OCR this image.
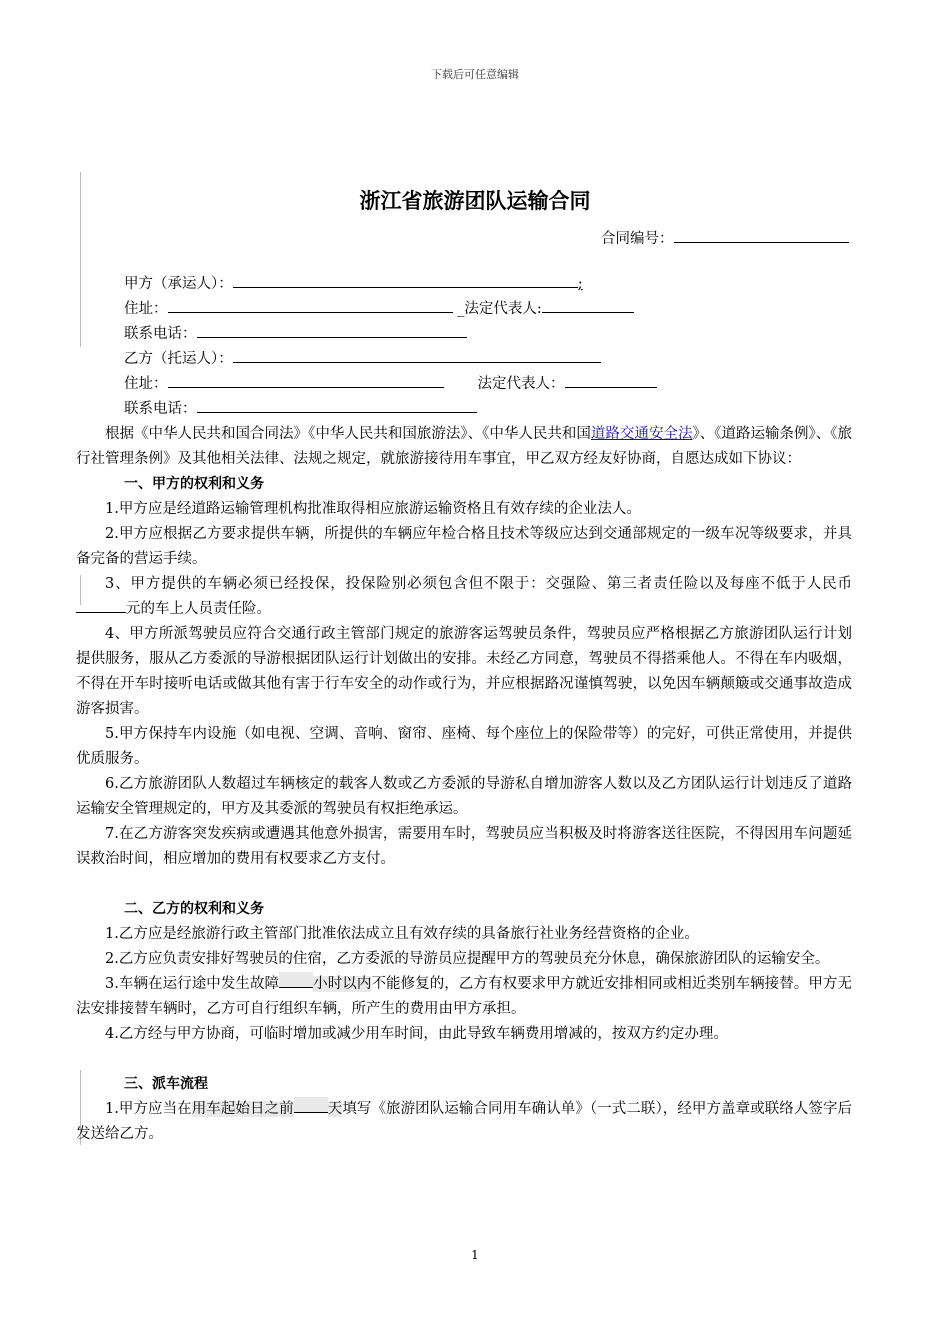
下载后可任意编辑
浙江省旅游团队运输合同
合同编号：

甲方（承运人）：	;

住址：	_法定代表人:

联系电话：

乙方（托运人）：

住址：	法定代表人：

联系电话：

根据《中华人民共和国合同法》《中华人民共和国旅游法》、《中华人民共和国道路交通安全法》、《道路运输条例》、《旅行社管理条例》及其他相关法律、法规之规定，就旅游接待用车事宜，甲乙双方经友好协商，自愿达成如下协议：

一、甲方的权利和义务

1.甲方应是经道路运输管理机构批准取得相应旅游运输资格且有效存续的企业法人。

2.甲方应根据乙方要求提供车辆，所提供的车辆应年检合格且技术等级应达到交通部规定的一级车况等级要求，并具备完备的营运手续。

3、甲方提供的车辆必须已经投保，投保险别必须包含但不限于：交强险、第三者责任险以及每座不低于人民币 元的车上人员责任险。

4、甲方所派驾驶员应符合交通行政主管部门规定的旅游客运驾驶员条件，驾驶员应严格根据乙方旅游团队运行计划提供服务，服从乙方委派的导游根据团队运行计划做出的安排。未经乙方同意，驾驶员不得搭乘他人。不得在车内吸烟，不得在开车时接听电话或做其他有害于行车安全的动作或行为，并应根据路况谨慎驾驶，以免因车辆颠簸或交通事故造成游客损害。

5.甲方保持车内设施（如电视、空调、音响、窗帘、座椅、每个座位上的保险带等）的完好，可供正常使用，并提供优质服务。

6.乙方旅游团队人数超过车辆核定的载客人数或乙方委派的导游私自增加游客人数以及乙方团队运行计划违反了道路运输安全管理规定的，甲方及其委派的驾驶员有权拒绝承运。

7.在乙方游客突发疾病或遭遇其他意外损害，需要用车时，驾驶员应当积极及时将游客送往医院，不得因用车问题延误救治时间，相应增加的费用有权要求乙方支付。

二、乙方的权利和义务

1.乙方应是经旅游行政主管部门批准依法成立且有效存续的具备旅行社业务经营资格的企业。

2.乙方应负责安排好驾驶员的住宿，乙方委派的导游员应提醒甲方的驾驶员充分休息，确保旅游团队的运输安全。

3.车辆在运行途中发生故障 小时以内不能修复的，乙方有权要求甲方就近安排相同或相近类别车辆接替。甲方无法安排接替车辆时，乙方可自行组织车辆，所产生的费用由甲方承担。

4.乙方经与甲方协商，可临时增加或减少用车时间，由此导致车辆费用增减的，按双方约定办理。

三、派车流程

1.甲方应当在用车起始日之前 天填写《旅游团队运输合同用车确认单》（一式二联），经甲方盖章或联络人签字后发送给乙方。

1
